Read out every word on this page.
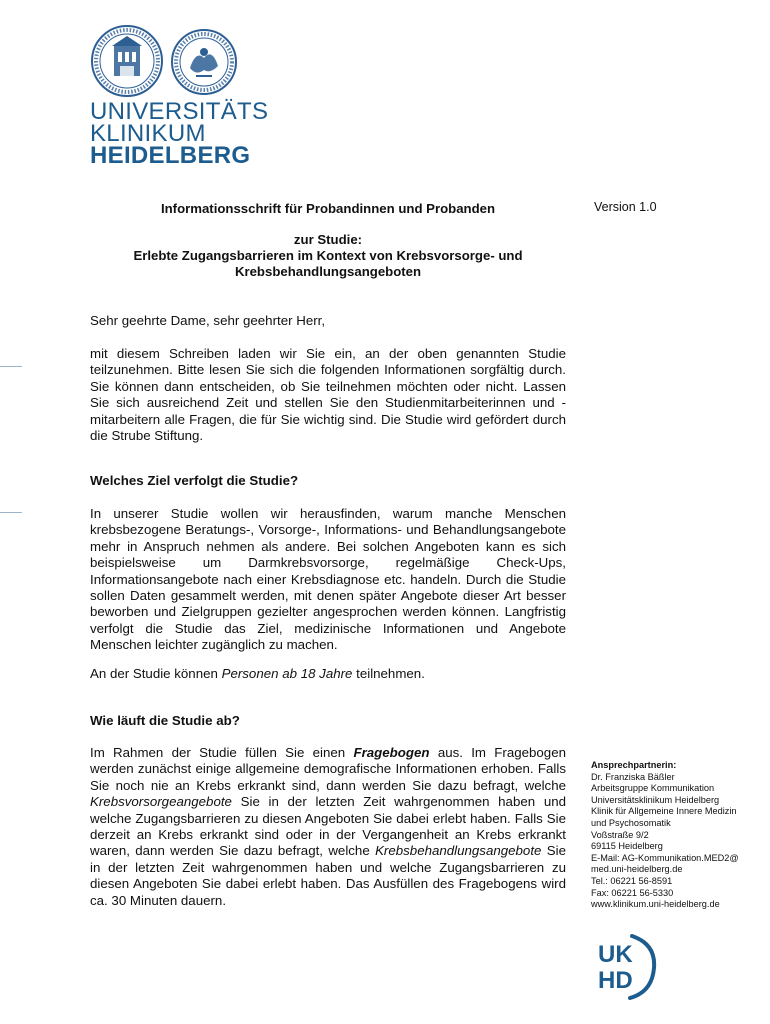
UNIVERSITÄTS
KLINIKUM
HEIDELBERG
Informationsschrift für Probandinnen und Probanden	Version 1.0
zur Studie:
Erlebte Zugangsbarrieren im Kontext von Krebsvorsorge- und
Krebsbehandlungsangeboten
Sehr geehrte Dame, sehr geehrter Herr,
mit diesem Schreiben laden wir Sie ein, an der oben genannten Studie teilzunehmen. Bitte lesen Sie sich die folgenden Informationen sorgfältig durch. Sie können dann entscheiden, ob Sie teilnehmen möchten oder nicht. Lassen Sie sich ausreichend Zeit und stellen Sie den Studienmitarbeiterinnen und -mitarbeitern alle Fragen, die für Sie wichtig sind. Die Studie wird gefördert durch die Strube Stiftung.
Welches Ziel verfolgt die Studie?
In unserer Studie wollen wir herausfinden, warum manche Menschen krebsbezogene Beratungs-, Vorsorge-, Informations- und Behandlungsangebote mehr in Anspruch nehmen als andere. Bei solchen Angeboten kann es sich beispielsweise um Darmkrebsvorsorge, regelmäßige Check-Ups, Informationsangebote nach einer Krebsdiagnose etc. handeln. Durch die Studie sollen Daten gesammelt werden, mit denen später Angebote dieser Art besser beworben und Zielgruppen gezielter angesprochen werden können. Langfristig verfolgt die Studie das Ziel, medizinische Informationen und Angebote Menschen leichter zugänglich zu machen.
An der Studie können Personen ab 18 Jahre teilnehmen.
Wie läuft die Studie ab?
Im Rahmen der Studie füllen Sie einen Fragebogen aus. Im Fragebogen werden zunächst einige allgemeine demografische Informationen erhoben. Falls Sie noch nie an Krebs erkrankt sind, dann werden Sie dazu befragt, welche Krebsvorsorgeangebote Sie in der letzten Zeit wahrgenommen haben und welche Zugangsbarrieren zu diesen Angeboten Sie dabei erlebt haben. Falls Sie derzeit an Krebs erkrankt sind oder in der Vergangenheit an Krebs erkrankt waren, dann werden Sie dazu befragt, welche Krebsbehandlungsangebote Sie in der letzten Zeit wahrgenommen haben und welche Zugangsbarrieren zu diesen Angeboten Sie dabei erlebt haben. Das Ausfüllen des Fragebogens wird ca. 30 Minuten dauern.
Ansprechpartnerin:
Dr. Franziska Bäßler
Arbeitsgruppe Kommunikation
Universitätsklinikum Heidelberg
Klinik für Allgemeine Innere Medizin
und Psychosomatik
Voßstraße 9/2
69115 Heidelberg
E-Mail: AG-Kommunikation.MED2@
med.uni-heidelberg.de
Tel.: 06221 56-8591
Fax: 06221 56-5330
www.klinikum.uni-heidelberg.de
UK
HD
